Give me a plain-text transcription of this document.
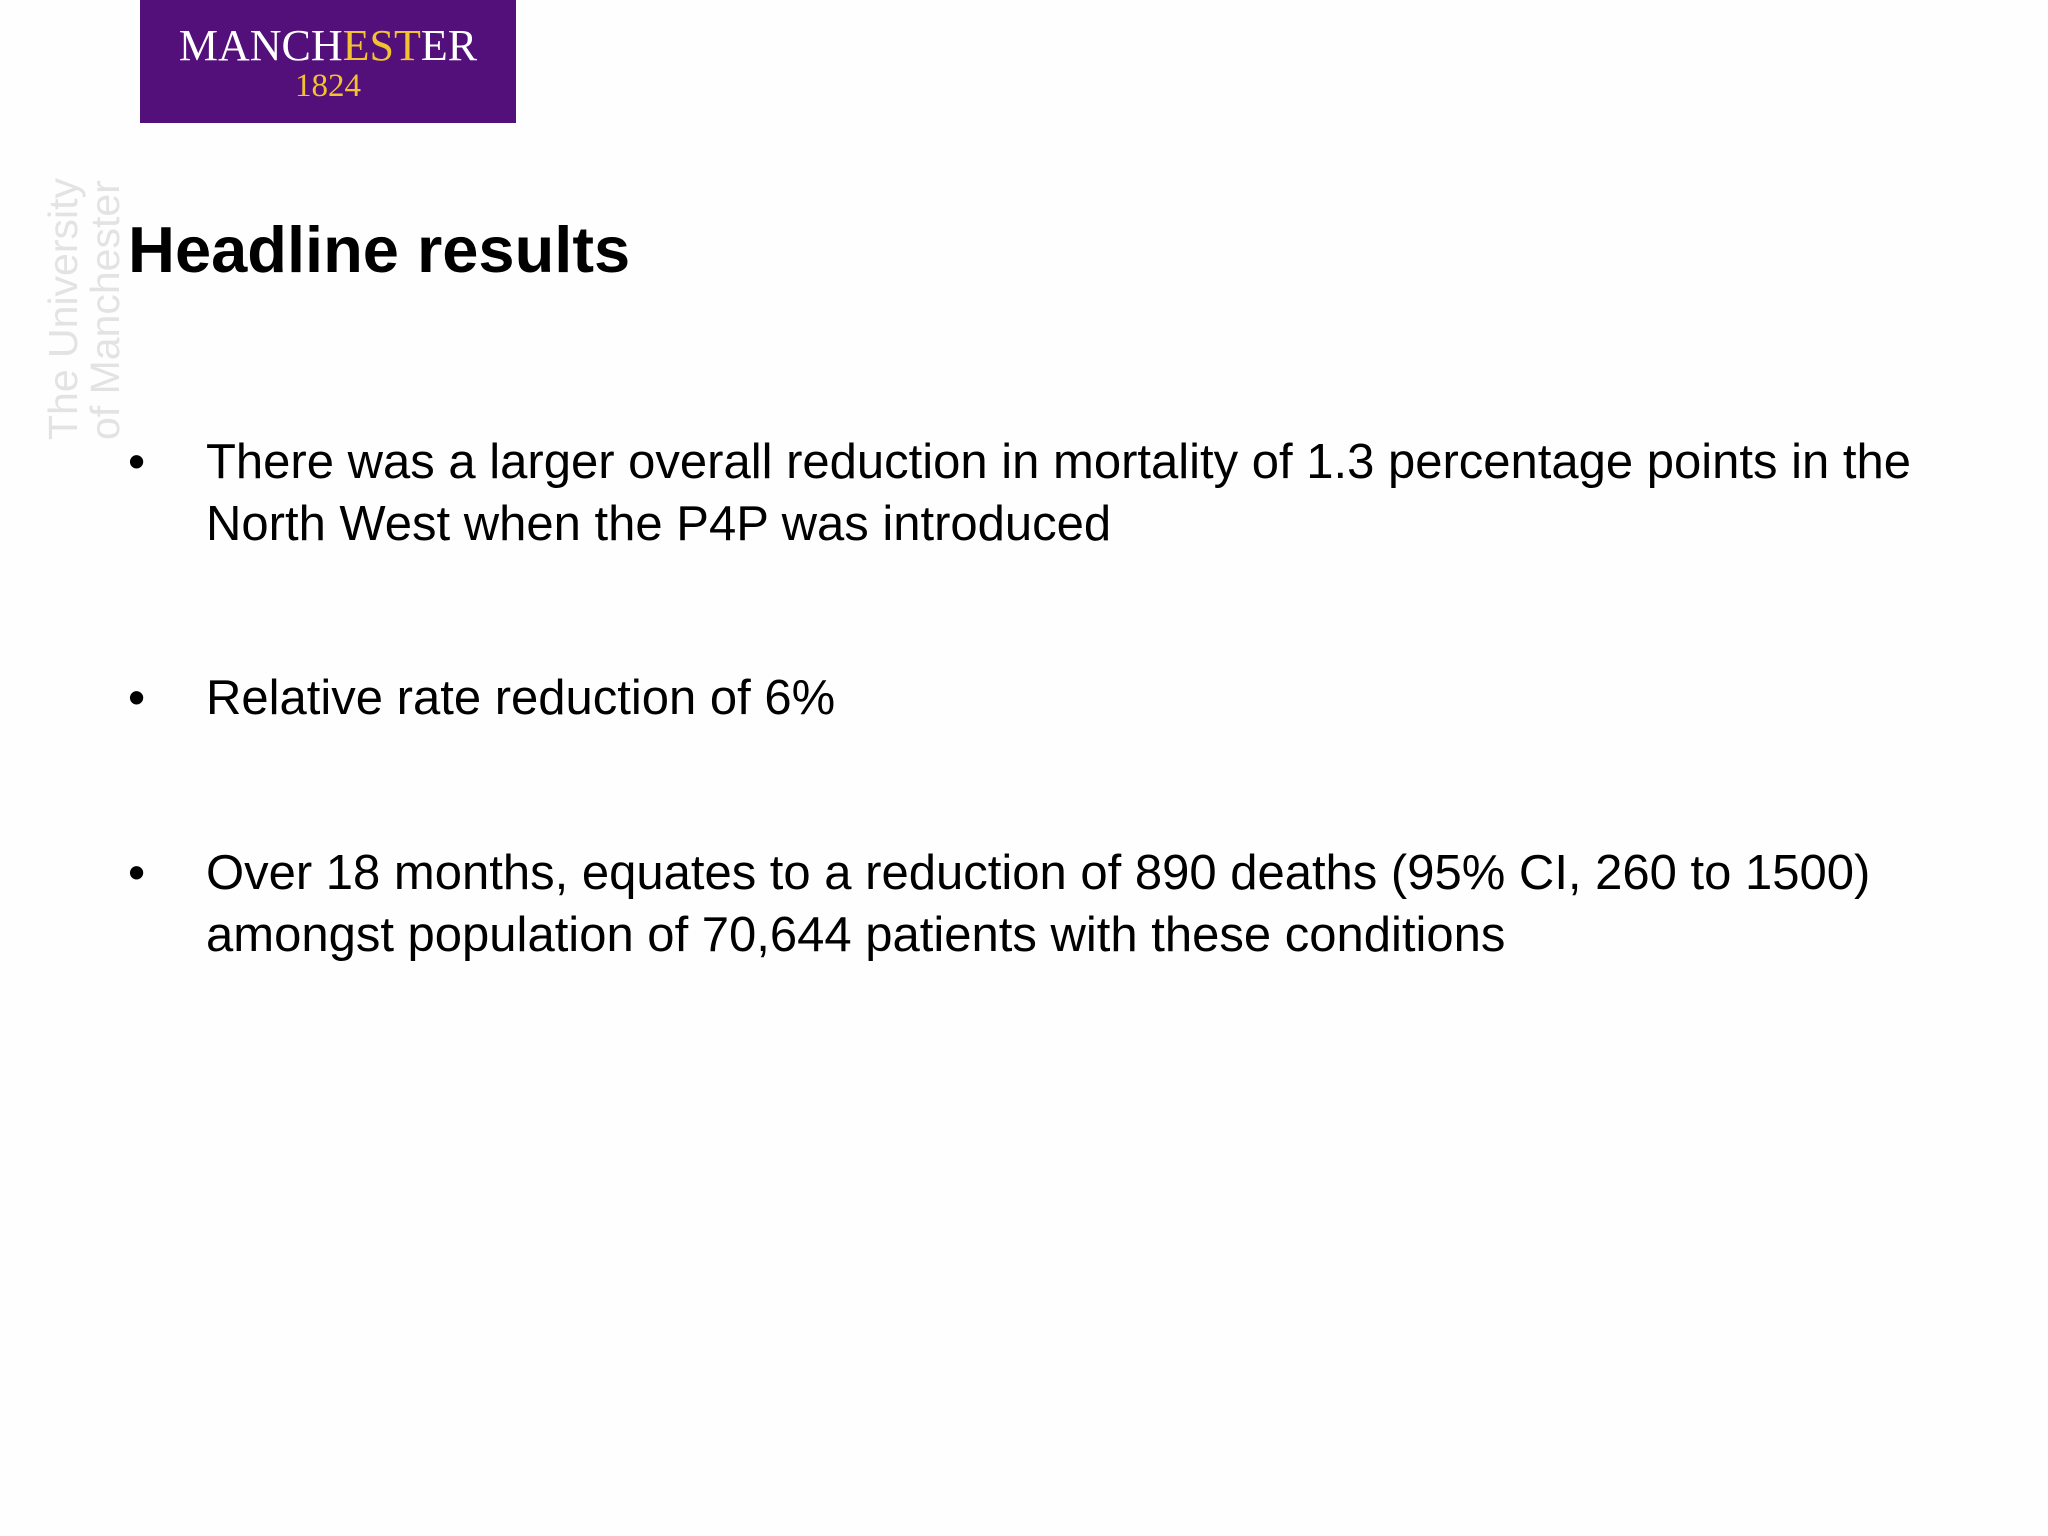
MANCHESTER
1824
The University
of Manchester Headline results
•	There was a larger overall reduction in mortality of 1.3 percentage points in the North West when the P4P was introduced
•	Relative rate reduction of 6%
•	Over 18 months, equates to a reduction of 890 deaths (95% CI, 260 to 1500) amongst population of 70,644 patients with these conditions
